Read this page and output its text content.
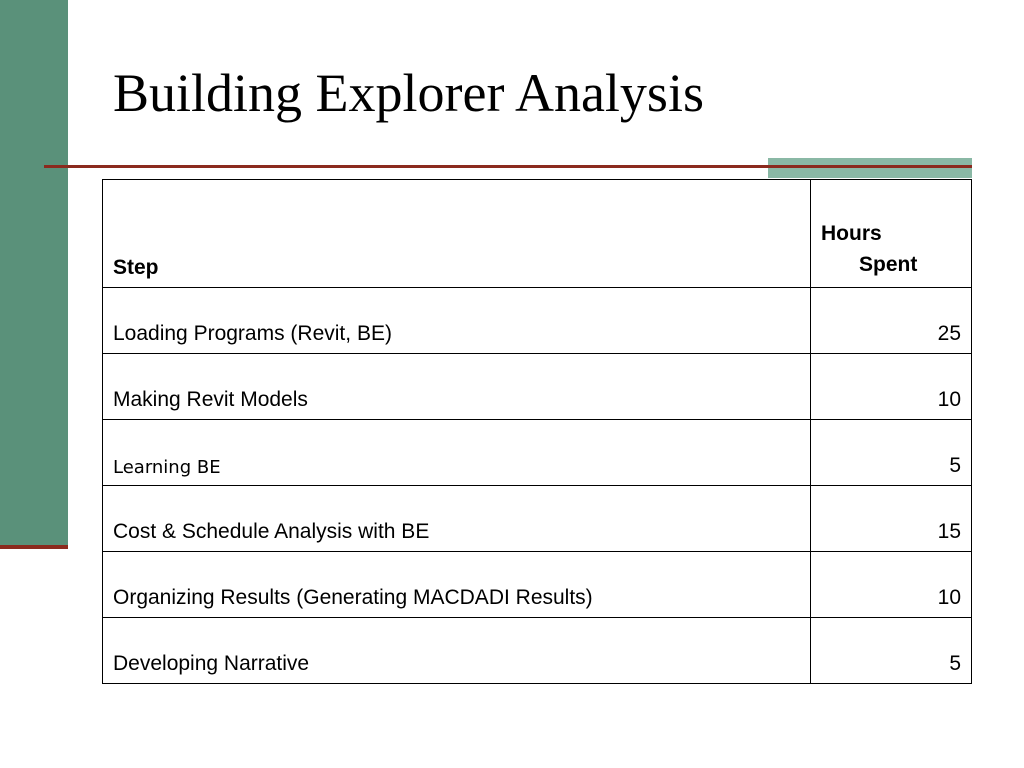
Building Explorer Analysis
Step	Hours
Spent

Loading Programs (Revit, BE)	25
Making Revit Models	10
Learning BE	5
Cost & Schedule Analysis with BE	15
Organizing Results (Generating MACDADI Results)	10
Developing Narrative	5
